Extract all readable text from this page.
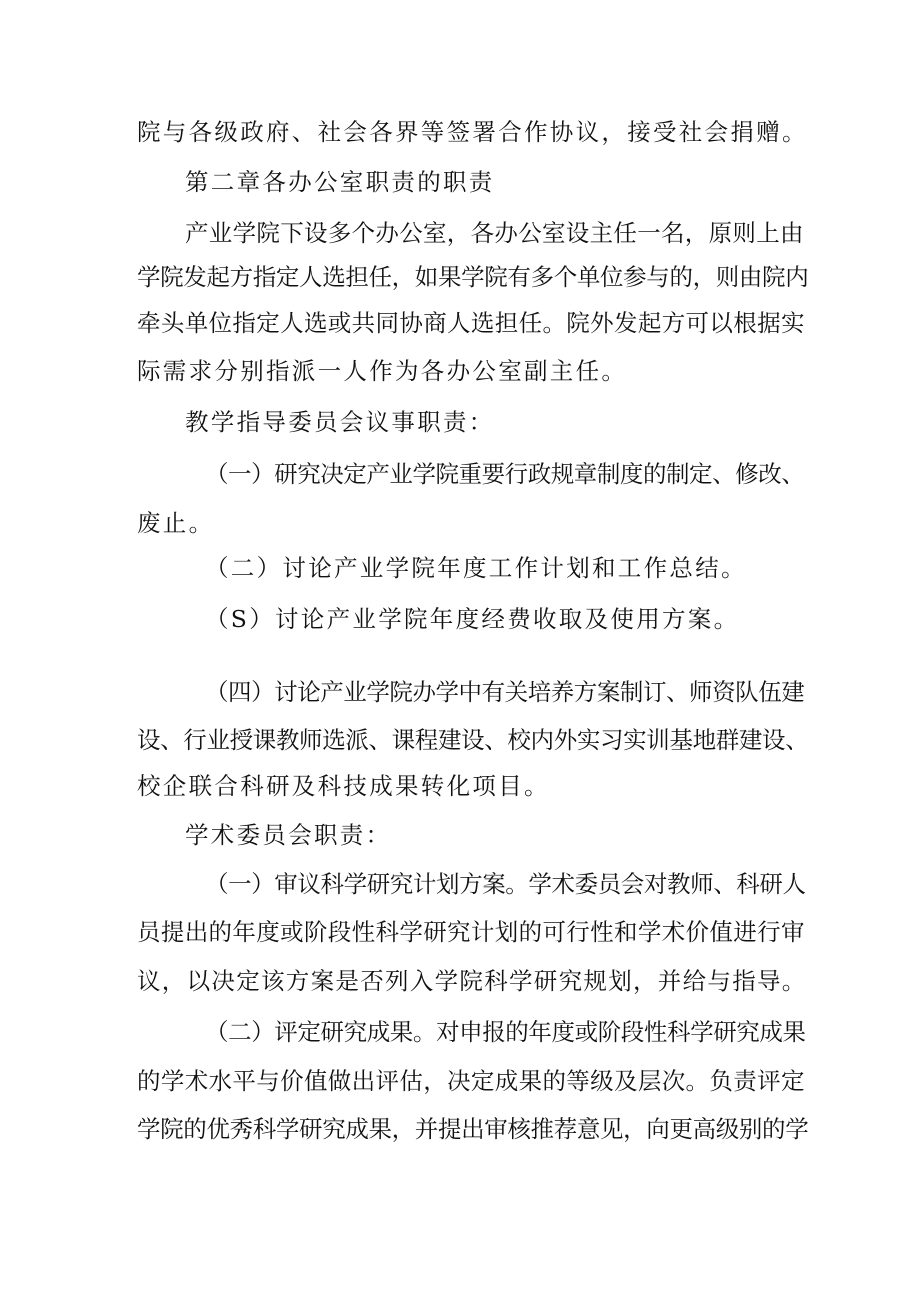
院与各级政府、社会各界等签署合作协议，接受社会捐赠。
第二章各办公室职责的职责
产业学院下设多个办公室，各办公室设主任一名，原则上由
学院发起方指定人选担任，如果学院有多个单位参与的，则由院内
牵头单位指定人选或共同协商人选担任。院外发起方可以根据实
际需求分别指派一人作为各办公室副主任。
教学指导委员会议事职责：
（一）研究决定产业学院重要行政规章制度的制定、修改、
废止。
（二）讨论产业学院年度工作计划和工作总结。
（S）讨论产业学院年度经费收取及使用方案。
（四）讨论产业学院办学中有关培养方案制订、师资队伍建
设、行业授课教师选派、课程建设、校内外实习实训基地群建设、
校企联合科研及科技成果转化项目。
学术委员会职责：
（一）审议科学研究计划方案。学术委员会对教师、科研人
员提出的年度或阶段性科学研究计划的可行性和学术价值进行审
议，以决定该方案是否列入学院科学研究规划，并给与指导。
（二）评定研究成果。对申报的年度或阶段性科学研究成果
的学术水平与价值做出评估，决定成果的等级及层次。负责评定
学院的优秀科学研究成果，并提出审核推荐意见，向更高级别的学
